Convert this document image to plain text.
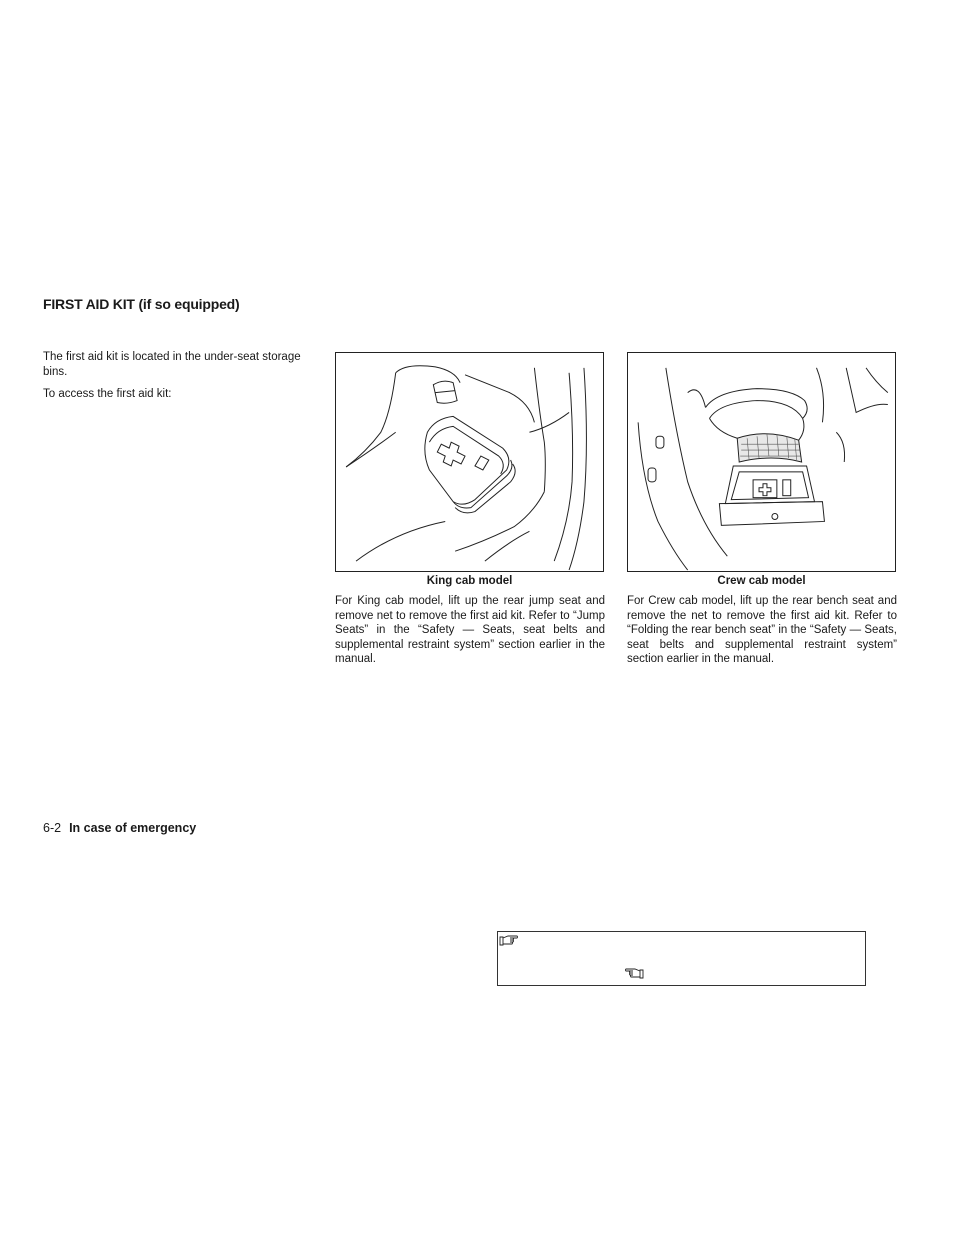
FIRST AID KIT (if so equipped)

The first aid kit is located in the under-seat storage bins.

To access the first aid kit:

King cab model	Crew cab model

For King cab model, lift up the rear jump seat and remove net to remove the first aid kit. Refer to “Jump Seats” in the “Safety — Seats, seat belts and supplemental restraint system” section earlier in the manual.

For Crew cab model, lift up the rear bench seat and remove the net to remove the first aid kit. Refer to “Folding the rear bench seat” in the “Safety — Seats, seat belts and supplemental restraint system” section earlier in the manual.

6-2 In case of emergency
